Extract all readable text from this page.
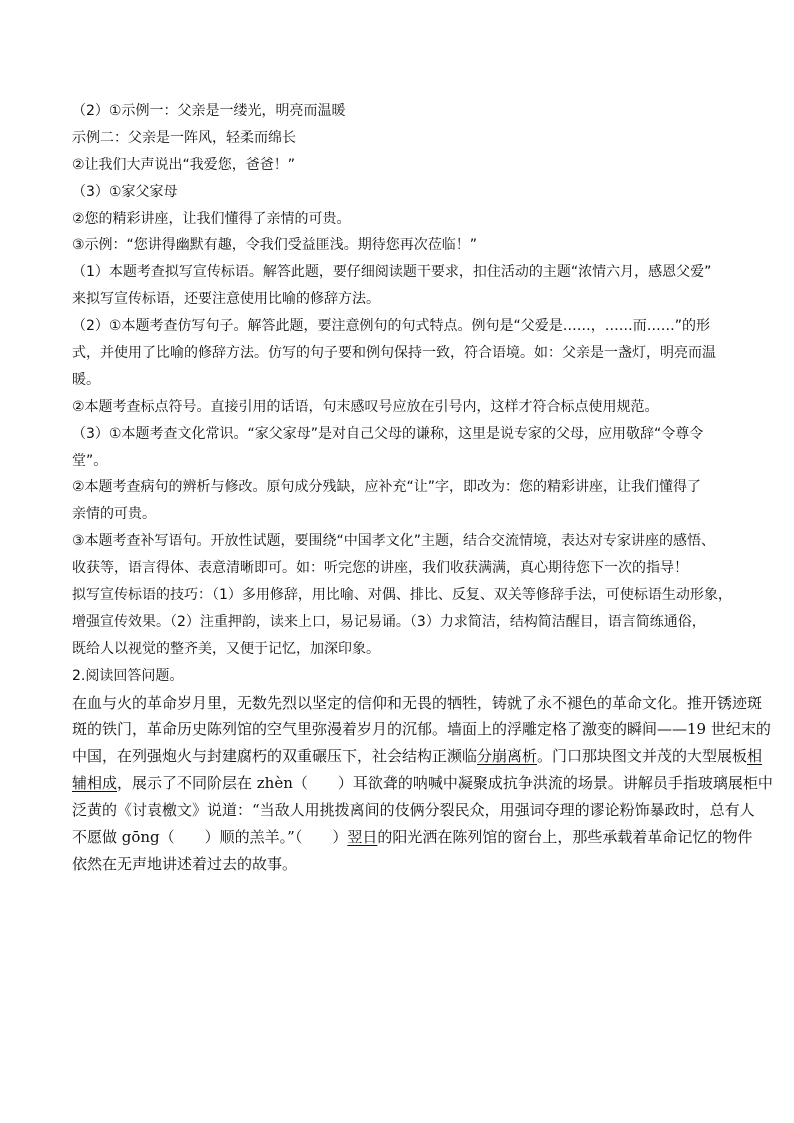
（2）①示例一：父亲是一缕光，明亮而温暖
示例二：父亲是一阵风，轻柔而绵长
②让我们大声说出“我爱您，爸爸！”
（3）①家父家母
②您的精彩讲座，让我们懂得了亲情的可贵。
③示例：“您讲得幽默有趣，令我们受益匪浅。期待您再次莅临！”
（1）本题考查拟写宣传标语。解答此题，要仔细阅读题干要求，扣住活动的主题“浓情六月，感恩父爱”
来拟写宣传标语，还要注意使用比喻的修辞方法。
（2）①本题考查仿写句子。解答此题，要注意例句的句式特点。例句是“父爱是……，……而……”的形
式，并使用了比喻的修辞方法。仿写的句子要和例句保持一致，符合语境。如：父亲是一盏灯，明亮而温
暖。
②本题考查标点符号。直接引用的话语，句末感叹号应放在引号内，这样才符合标点使用规范。
（3）①本题考查文化常识。“家父家母”是对自己父母的谦称，这里是说专家的父母，应用敬辞“令尊令
堂”。
②本题考查病句的辨析与修改。原句成分残缺，应补充“让”字，即改为：您的精彩讲座，让我们懂得了
亲情的可贵。
③本题考查补写语句。开放性试题，要围绕“中国孝文化”主题，结合交流情境，表达对专家讲座的感悟、
收获等，语言得体、表意清晰即可。如：听完您的讲座，我们收获满满，真心期待您下一次的指导！
拟写宣传标语的技巧：（1）多用修辞，用比喻、对偶、排比、反复、双关等修辞手法，可使标语生动形象，
增强宣传效果。（2）注重押韵，读来上口，易记易诵。（3）力求简洁，结构简洁醒目，语言简练通俗，
既给人以视觉的整齐美，又便于记忆，加深印象。
2.阅读回答问题。
在血与火的革命岁月里，无数先烈以坚定的信仰和无畏的牺牲，铸就了永不褪色的革命文化。推开锈迹斑
斑的铁门，革命历史陈列馆的空气里弥漫着岁月的沉郁。墙面上的浮雕定格了激变的瞬间——19 世纪末的
中国，在列强炮火与封建腐朽的双重碾压下，社会结构正濒临分崩离析。门口那块图文并茂的大型展板相
辅相成，展示了不同阶层在 zhèn（　　）耳欲聋的呐喊中凝聚成抗争洪流的场景。讲解员手指玻璃展柜中
泛黄的《讨袁檄文》说道：“当敌人用挑拨离间的伎俩分裂民众，用强词夺理的谬论粉饰暴政时，总有人
不愿做 gōng（　　）顺的羔羊。”（　　）翌日的阳光洒在陈列馆的窗台上，那些承载着革命记忆的物件
依然在无声地讲述着过去的故事。
